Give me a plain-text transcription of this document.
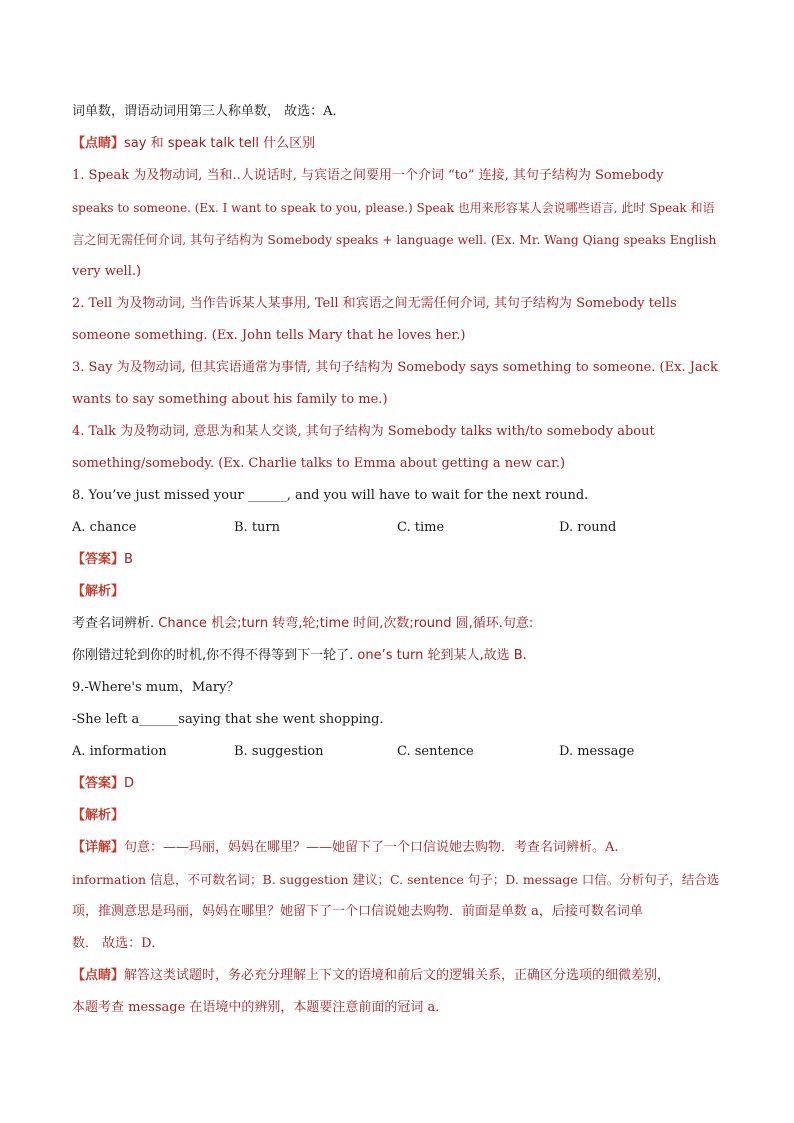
词单数，谓语动词用第三人称单数， 故选：A．

【点睛】say 和 speak talk tell 什么区别

1. Speak 为及物动词, 当和..人说话时, 与宾语之间要用一个介词 “to” 连接, 其句子结构为 Somebody

speaks to someone. (Ex. I want to speak to you, please.) Speak 也用来形容某人会说哪些语言, 此时 Speak 和语

言之间无需任何介词, 其句子结构为 Somebody speaks + language well. (Ex. Mr. Wang Qiang speaks English

very well.)

2. Tell 为及物动词, 当作告诉某人某事用, Tell 和宾语之间无需任何介词, 其句子结构为 Somebody tells

someone something. (Ex. John tells Mary that he loves her.)

3. Say 为及物动词, 但其宾语通常为事情, 其句子结构为 Somebody says something to someone. (Ex. Jack

wants to say something about his family to me.)

4. Talk 为及物动词, 意思为和某人交谈, 其句子结构为 Somebody talks with/to somebody about

something/somebody. (Ex. Charlie talks to Emma about getting a new car.)

8. You’ve just missed your ______, and you will have to wait for the next round.

A. chance	B. turn	C. time	D. round

【答案】B

【解析】

考查名词辨析. Chance 机会;turn 转弯,轮;time 时间,次数;round 圆,循环.句意:

你刚错过轮到你的时机,你不得不得等到下一轮了. one’s turn 轮到某人,故选 B.

9.-Where's mum，Mary？

-She left a______saying that she went shopping．

A. information	B. suggestion	C. sentence	D. message

【答案】D

【解析】

【详解】句意：——玛丽，妈妈在哪里？——她留下了一个口信说她去购物．考查名词辨析。A.

information 信息，不可数名词；B. suggestion 建议；C. sentence 句子；D. message 口信。分析句子，结合选

项，推测意思是玛丽，妈妈在哪里？她留下了一个口信说她去购物．前面是单数 a，后接可数名词单

数． 故选：D．

【点睛】解答这类试题时，务必充分理解上下文的语境和前后文的逻辑关系，正确区分选项的细微差别，

本题考查 message 在语境中的辨别，本题要注意前面的冠词 a．
